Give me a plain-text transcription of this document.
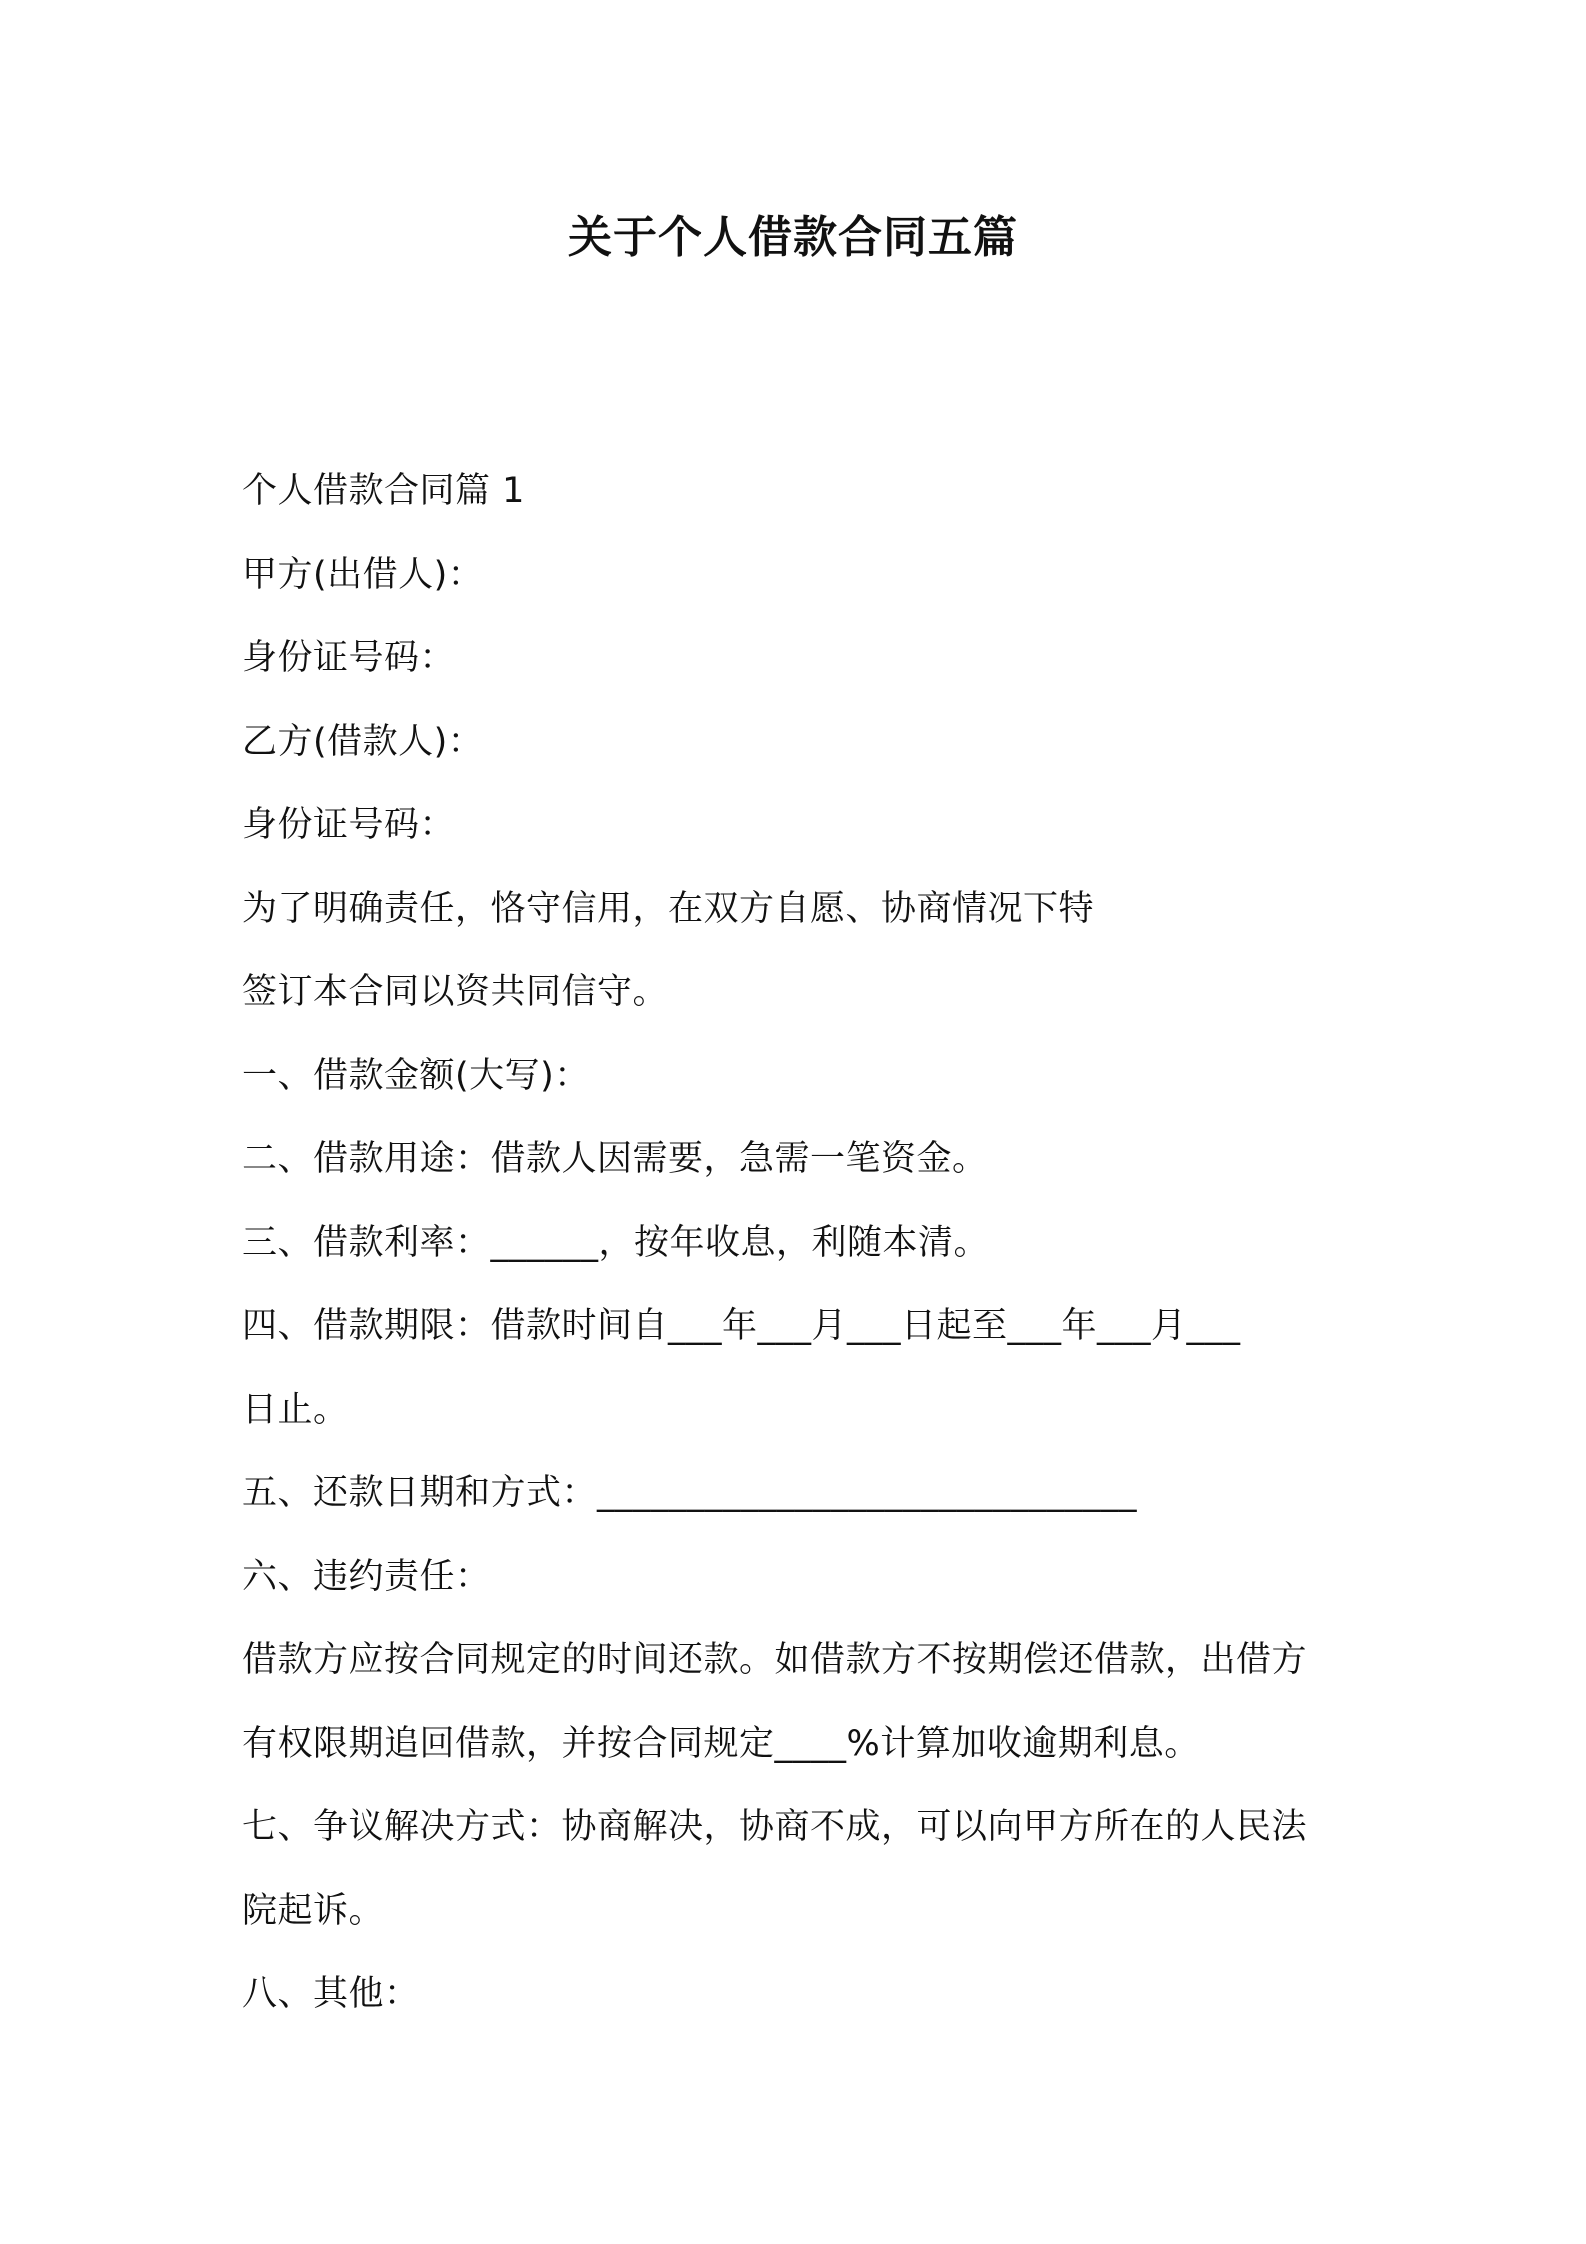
关于个人借款合同五篇

个人借款合同篇 1

甲方(出借人)：

身份证号码：

乙方(借款人)：

身份证号码：

为了明确责任，恪守信用，在双方自愿、协商情况下特

签订本合同以资共同信守。

一、借款金额(大写)：

二、借款用途：借款人因需要，急需一笔资金。

三、借款利率：______，按年收息，利随本清。

四、借款期限：借款时间自___年___月___日起至___年___月___

日止。

五、还款日期和方式：______________________________

六、违约责任：

借款方应按合同规定的时间还款。如借款方不按期偿还借款，出借方

有权限期追回借款，并按合同规定____%计算加收逾期利息。

七、争议解决方式：协商解决，协商不成，可以向甲方所在的人民法

院起诉。

八、其他：
